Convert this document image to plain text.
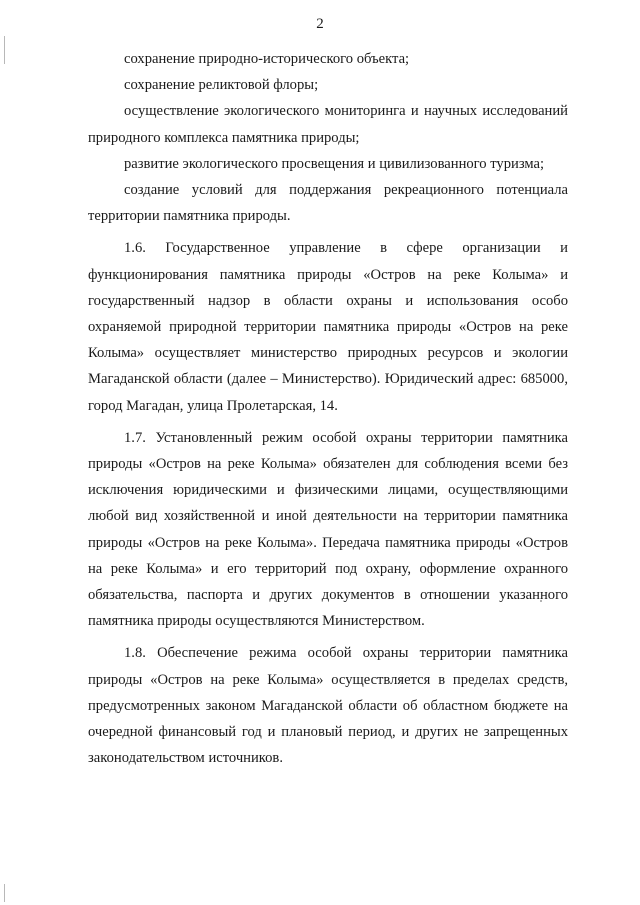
2

сохранение природно-исторического объекта;

сохранение реликтовой флоры;

осуществление экологического мониторинга и научных исследований природного комплекса памятника природы;

развитие экологического просвещения и цивилизованного туризма;

создание условий для поддержания рекреационного потенциала территории памятника природы.

1.6. Государственное управление в сфере организации и функционирования памятника природы «Остров на реке Колыма» и государственный надзор в области охраны и использования особо охраняемой природной территории памятника природы «Остров на реке Колыма» осуществляет министерство природных ресурсов и экологии Магаданской области (далее – Министерство). Юридический адрес: 685000, город Магадан, улица Пролетарская, 14.

1.7. Установленный режим особой охраны территории памятника природы «Остров на реке Колыма» обязателен для соблюдения всеми без исключения юридическими и физическими лицами, осуществляющими любой вид хозяйственной и иной деятельности на территории памятника природы «Остров на реке Колыма». Передача памятника природы «Остров на реке Колыма» и его территорий под охрану, оформление охранного обязательства, паспорта и других документов в отношении указанного памятника природы осуществляются Министерством.

1.8. Обеспечение режима особой охраны территории памятника природы «Остров на реке Колыма» осуществляется в пределах средств, предусмотренных законом Магаданской области об областном бюджете на очередной финансовый год и плановый период, и других не запрещенных законодательством источников.
